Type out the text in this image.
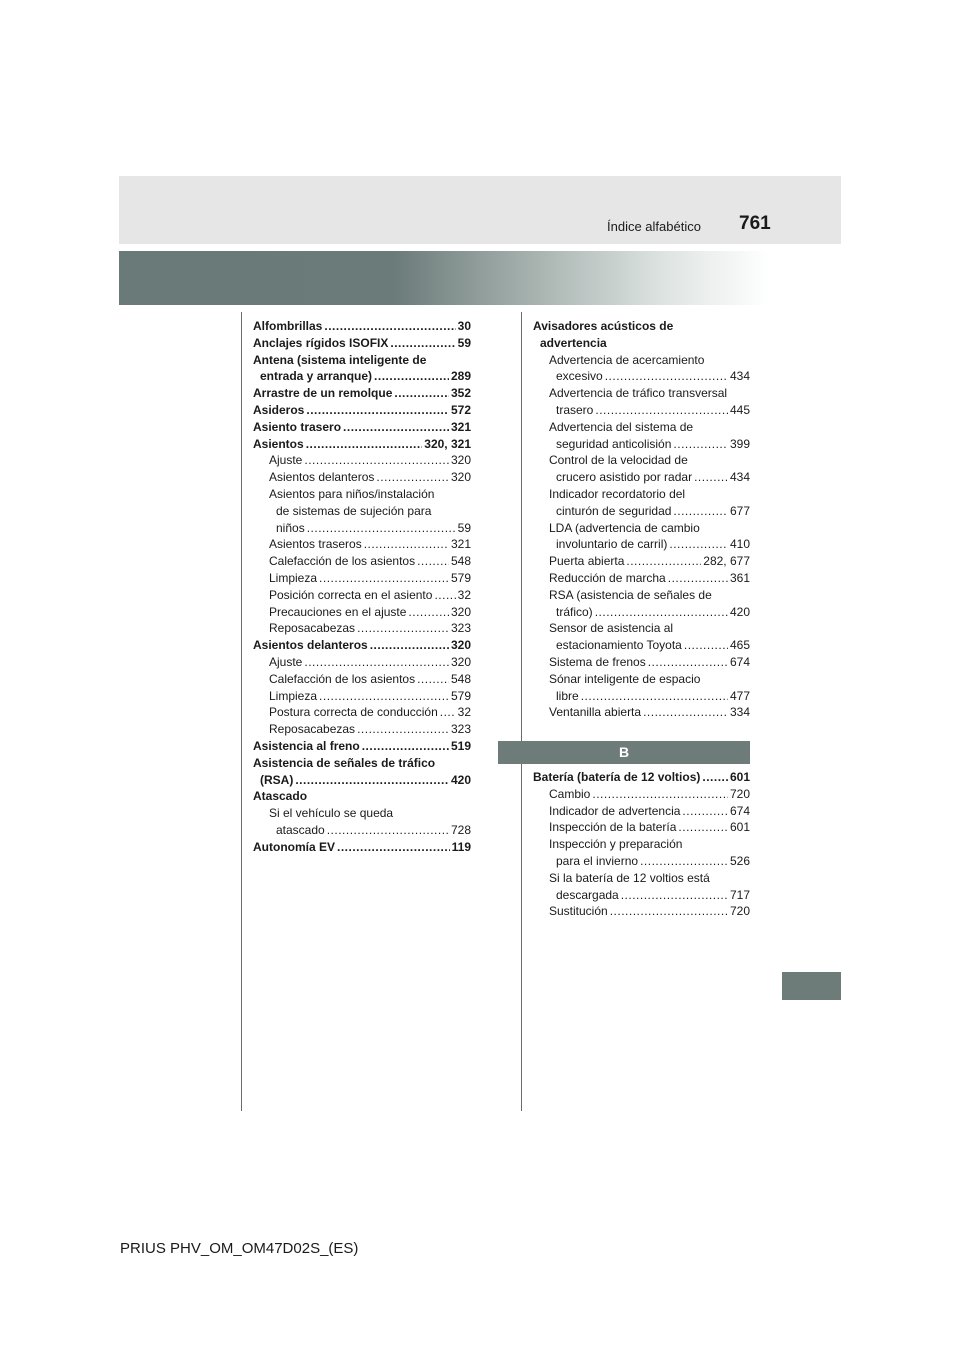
Índice alfabético 761
Alfombrillas .....	30
Anclajes rígidos ISOFIX .....	59
Antena (sistema inteligente de
entrada y arranque) .....	289
Arrastre de un remolque .....	352
Asideros .....	572
Asiento trasero .....	321
Asientos .....	320, 321
Ajuste .....	320
Asientos delanteros .....	320
Asientos para niños/instalación
de sistemas de sujeción para
niños .....	59
Asientos traseros .....	321
Calefacción de los asientos .....	548
Limpieza .....	579
Posición correcta en el asiento ..... 32
Precauciones en el ajuste .....	320
Reposacabezas .....	323
Asientos delanteros .....	320
Ajuste .....	320
Calefacción de los asientos .....	548
Limpieza .....	579
Postura correcta de conducción ..... 32
Reposacabezas .....	323
Asistencia al freno .....	519
Asistencia de señales de tráfico
(RSA) .....	420
Atascado
Si el vehículo se queda
atascado .....	728
Autonomía EV .....	119
Avisadores acústicos de
advertencia
Advertencia de acercamiento
excesivo .....	434
Advertencia de tráfico transversal
trasero .....	445
Advertencia del sistema de
seguridad anticolisión .....	399
Control de la velocidad de
crucero asistido por radar .....	434
Indicador recordatorio del
cinturón de seguridad .....	677
LDA (advertencia de cambio
involuntario de carril) .....	410
Puerta abierta .....	282, 677
Reducción de marcha .....	361
RSA (asistencia de señales de
tráfico) .....	420
Sensor de asistencia al
estacionamiento Toyota .....	465
Sistema de frenos .....	674
Sónar inteligente de espacio
libre .....	477
Ventanilla abierta .....	334
B
Batería (batería de 12 voltios) ..... 601
Cambio .....	720
Indicador de advertencia .....	674
Inspección de la batería .....	601
Inspección y preparación
para el invierno .....	526
Si la batería de 12 voltios está
descargada .....	717
Sustitución .....	720
PRIUS PHV_OM_OM47D02S_(ES)
